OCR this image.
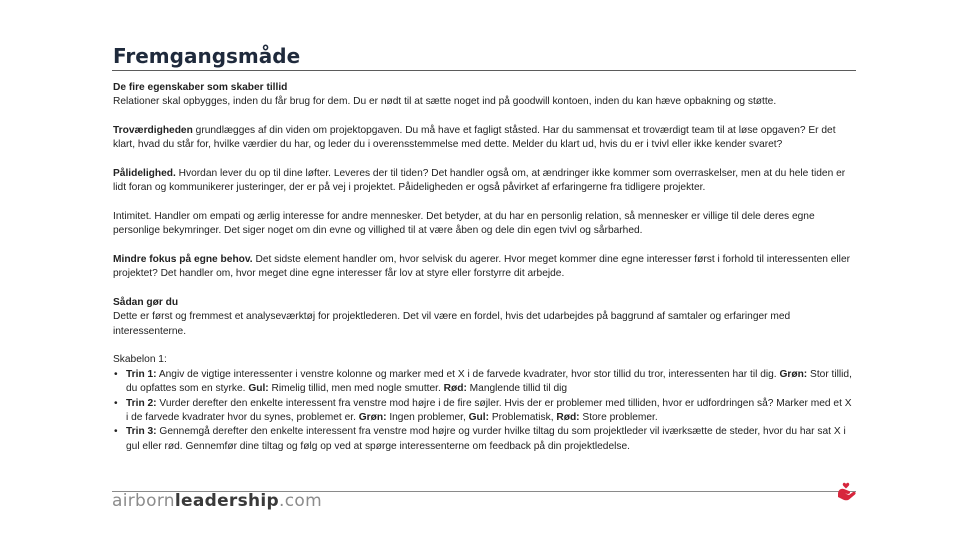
Fremgangsmåde

De fire egenskaber som skaber tillid
Relationer skal opbygges, inden du får brug for dem. Du er nødt til at sætte noget ind på goodwill kontoen, inden du kan hæve opbakning og støtte.

Troværdigheden grundlægges af din viden om projektopgaven. Du må have et fagligt ståsted. Har du sammensat et troværdigt team til at løse opgaven? Er det klart, hvad du står for, hvilke værdier du har, og leder du i overensstemmelse med dette. Melder du klart ud, hvis du er i tvivl eller ikke kender svaret?

Pålidelighed. Hvordan lever du op til dine løfter. Leveres der til tiden? Det handler også om, at ændringer ikke kommer som overraskelser, men at du hele tiden er lidt foran og kommunikerer justeringer, der er på vej i projektet. Påideligheden er også påvirket af erfaringerne fra tidligere projekter.

Intimitet. Handler om empati og ærlig interesse for andre mennesker. Det betyder, at du har en personlig relation, så mennesker er villige til dele deres egne personlige bekymringer. Det siger noget om din evne og villighed til at være åben og dele din egen tvivl og sårbarhed.

Mindre fokus på egne behov. Det sidste element handler om, hvor selvisk du agerer. Hvor meget kommer dine egne interesser først i forhold til interessenten eller projektet? Det handler om, hvor meget dine egne interesser får lov at styre eller forstyrre dit arbejde.

Sådan gør du
Dette er først og fremmest et analyseværktøj for projektlederen. Det vil være en fordel, hvis det udarbejdes på baggrund af samtaler og erfaringer med interessenterne.

Skabelon 1:
• Trin 1: Angiv de vigtige interessenter i venstre kolonne og marker med et X i de farvede kvadrater, hvor stor tillid du tror, interessenten har til dig. Grøn: Stor tillid, du opfattes som en styrke. Gul: Rimelig tillid, men med nogle smutter. Rød: Manglende tillid til dig
• Trin 2: Vurder derefter den enkelte interessent fra venstre mod højre i de fire søjler. Hvis der er problemer med tilliden, hvor er udfordringen så? Marker med et X i de farvede kvadrater hvor du synes, problemet er. Grøn: Ingen problemer, Gul: Problematisk, Rød: Store problemer.
• Trin 3: Gennemgå derefter den enkelte interessent fra venstre mod højre og vurder hvilke tiltag du som projektleder vil iværksætte de steder, hvor du har sat X i gul eller rød. Gennemfør dine tiltag og følg op ved at spørge interessenterne om feedback på din projektledelse.
airbornleadership.com
